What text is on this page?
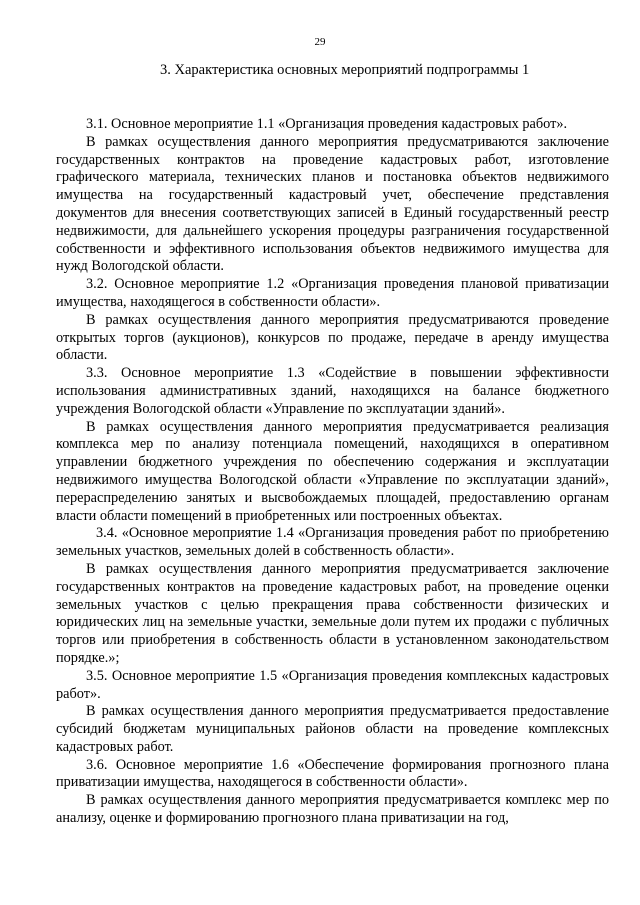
29
3. Характеристика основных мероприятий подпрограммы 1

3.1. Основное мероприятие 1.1 «Организация проведения кадастровых работ».

В рамках осуществления данного мероприятия предусматриваются заключение государственных контрактов на проведение кадастровых работ, изготовление графического материала, технических планов и постановка объектов недвижимого имущества на государственный кадастровый учет, обеспечение представления документов для внесения соответствующих записей в Единый государственный реестр недвижимости, для дальнейшего ускорения процедуры разграничения государственной собственности и эффективного использования объектов недвижимого имущества для нужд Вологодской области.

3.2. Основное мероприятие 1.2 «Организация проведения плановой приватизации имущества, находящегося в собственности области».

В рамках осуществления данного мероприятия предусматриваются проведение открытых торгов (аукционов), конкурсов по продаже, передаче в аренду имущества области.

3.3. Основное мероприятие 1.3 «Содействие в повышении эффективности использования административных зданий, находящихся на балансе бюджетного учреждения Вологодской области «Управление по эксплуатации зданий».

В рамках осуществления данного мероприятия предусматривается реализация комплекса мер по анализу потенциала помещений, находящихся в оперативном управлении бюджетного учреждения по обеспечению содержания и эксплуатации недвижимого имущества Вологодской области «Управление по эксплуатации зданий», перераспределению занятых и высвобождаемых площадей, предоставлению органам власти области помещений в приобретенных или построенных объектах.

3.4. «Основное мероприятие 1.4 «Организация проведения работ по приобретению земельных участков, земельных долей в собственность области».

В рамках осуществления данного мероприятия предусматривается заключение государственных контрактов на проведение кадастровых работ, на проведение оценки земельных участков с целью прекращения права собственности физических и юридических лиц на земельные участки, земельные доли путем их продажи с публичных торгов или приобретения в собственность области в установленном законодательством порядке.»;

3.5. Основное мероприятие 1.5 «Организация проведения комплексных кадастровых работ».

В рамках осуществления данного мероприятия предусматривается предоставление субсидий бюджетам муниципальных районов области на проведение комплексных кадастровых работ.

3.6. Основное мероприятие 1.6 «Обеспечение формирования прогнозного плана приватизации имущества, находящегося в собственности области».

В рамках осуществления данного мероприятия предусматривается комплекс мер по анализу, оценке и формированию прогнозного плана приватизации на год,
